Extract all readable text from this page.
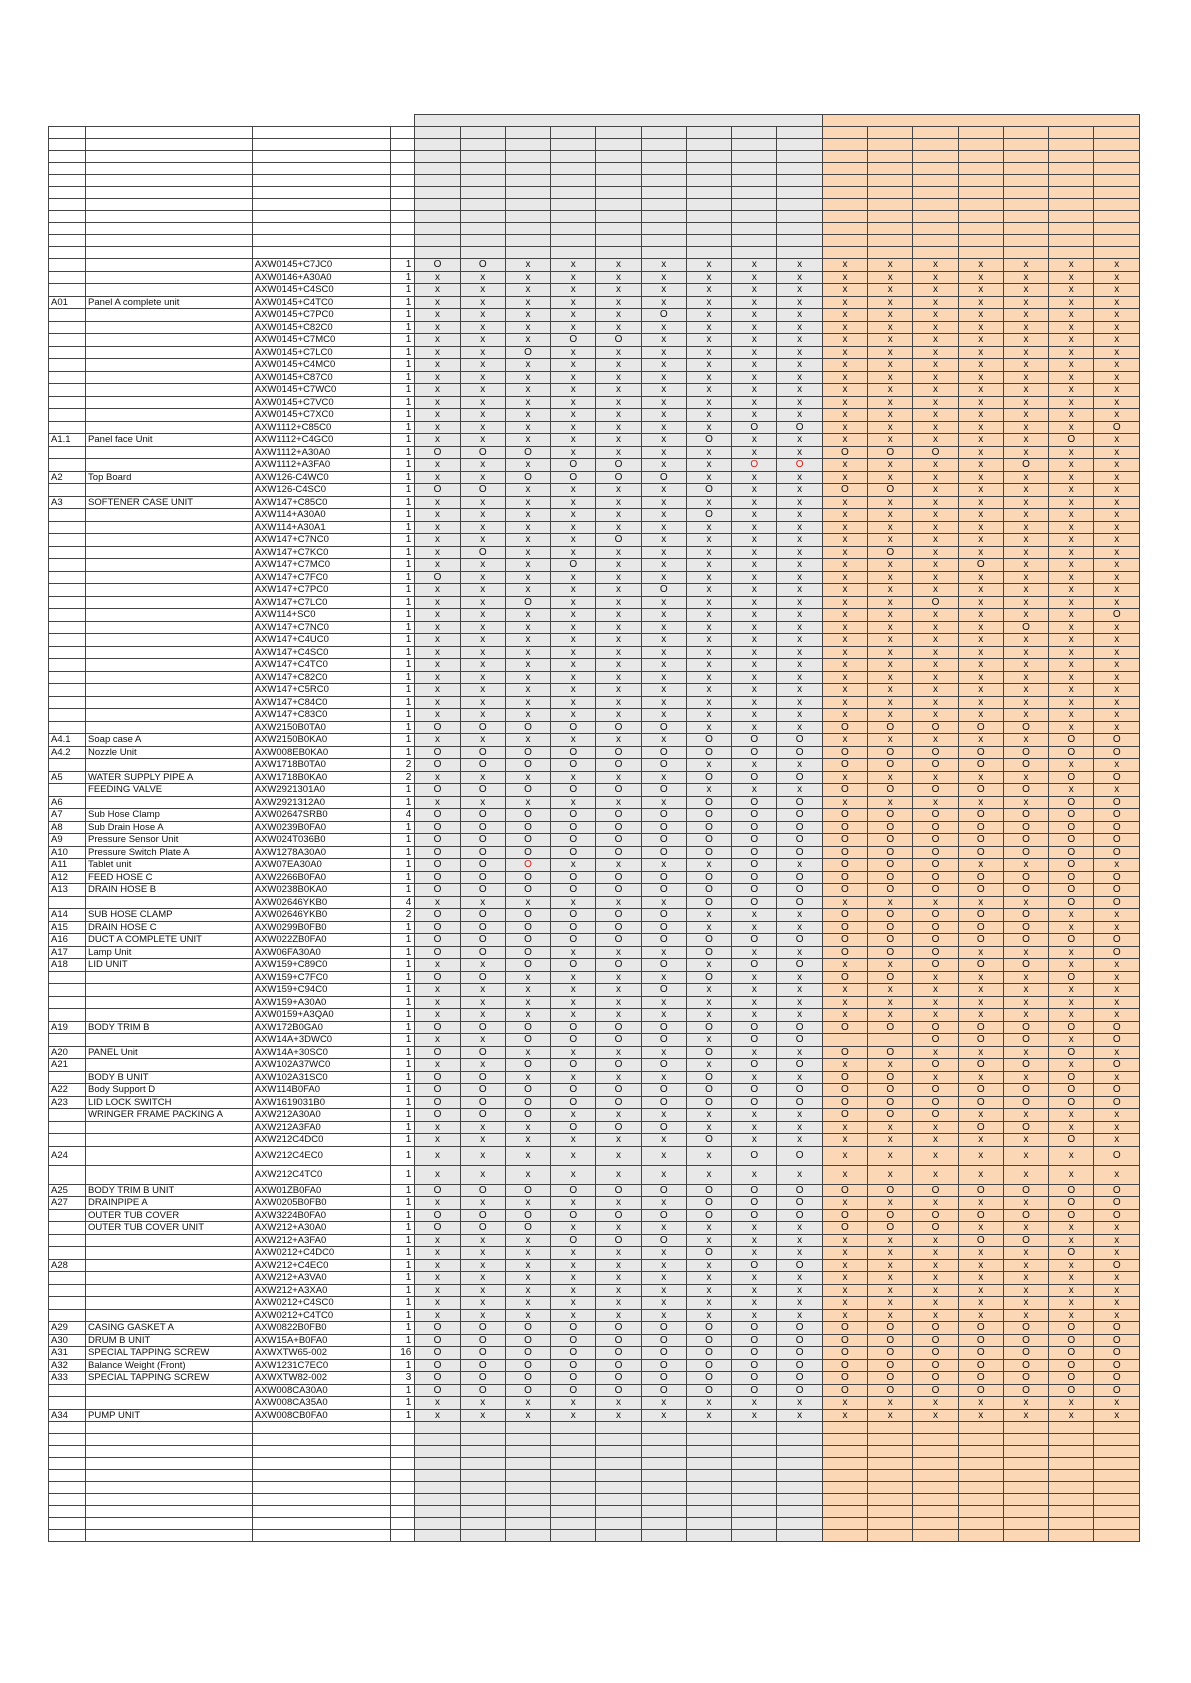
		AXW0145+C7JC0	1	O	O	x	x	x	x	x	x	x	x	x	x	x	x	x	x
		AXW0146+A30A0	1	x	x	x	x	x	x	x	x	x	x	x	x	x	x	x	x
		AXW0145+C4SC0	1	x	x	x	x	x	x	x	x	x	x	x	x	x	x	x	x
A01	Panel A complete unit	AXW0145+C4TC0	1	x	x	x	x	x	x	x	x	x	x	x	x	x	x	x	x
		AXW0145+C7PC0	1	x	x	x	x	x	O	x	x	x	x	x	x	x	x	x	x
		AXW0145+C82C0	1	x	x	x	x	x	x	x	x	x	x	x	x	x	x	x	x
		AXW0145+C7MC0	1	x	x	x	O	O	x	x	x	x	x	x	x	x	x	x	x
		AXW0145+C7LC0	1	x	x	O	x	x	x	x	x	x	x	x	x	x	x	x	x
		AXW0145+C4MC0	1	x	x	x	x	x	x	x	x	x	x	x	x	x	x	x	x
		AXW0145+C87C0	1	x	x	x	x	x	x	x	x	x	x	x	x	x	x	x	x
		AXW0145+C7WC0	1	x	x	x	x	x	x	x	x	x	x	x	x	x	x	x	x
		AXW0145+C7VC0	1	x	x	x	x	x	x	x	x	x	x	x	x	x	x	x	x
		AXW0145+C7XC0	1	x	x	x	x	x	x	x	x	x	x	x	x	x	x	x	x
		AXW1112+C85C0	1	x	x	x	x	x	x	x	O	O	x	x	x	x	x	x	O
A1.1	Panel face Unit	AXW1112+C4GC0	1	x	x	x	x	x	x	O	x	x	x	x	x	x	x	O	x
		AXW1112+A30A0	1	O	O	O	x	x	x	x	x	x	O	O	O	x	x	x	x
		AXW1112+A3FA0	1	x	x	x	O	O	x	x	O	O	x	x	x	x	O	x	x
A2	Top Board	AXW126-C4WC0	1	x	x	O	O	O	O	x	x	x	x	x	x	x	x	x	x
		AXW126-C4SC0	1	O	O	x	x	x	x	O	x	x	O	O	x	x	x	x	x
A3	SOFTENER CASE UNIT	AXW147+C85C0	1	x	x	x	x	x	x	x	x	x	x	x	x	x	x	x	x
		AXW114+A30A0	1	x	x	x	x	x	x	O	x	x	x	x	x	x	x	x	x
		AXW114+A30A1	1	x	x	x	x	x	x	x	x	x	x	x	x	x	x	x	x
		AXW147+C7NC0	1	x	x	x	x	O	x	x	x	x	x	x	x	x	x	x	x
		AXW147+C7KC0	1	x	O	x	x	x	x	x	x	x	x	O	x	x	x	x	x
		AXW147+C7MC0	1	x	x	x	O	x	x	x	x	x	x	x	x	O	x	x	x
		AXW147+C7FC0	1	O	x	x	x	x	x	x	x	x	x	x	x	x	x	x	x
		AXW147+C7PC0	1	x	x	x	x	x	O	x	x	x	x	x	x	x	x	x	x
		AXW147+C7LC0	1	x	x	O	x	x	x	x	x	x	x	x	O	x	x	x	x
		AXW114+SC0	1	x	x	x	x	x	x	x	x	x	x	x	x	x	x	x	O
		AXW147+C7NC0	1	x	x	x	x	x	x	x	x	x	x	x	x	x	O	x	x
		AXW147+C4UC0	1	x	x	x	x	x	x	x	x	x	x	x	x	x	x	x	x
		AXW147+C4SC0	1	x	x	x	x	x	x	x	x	x	x	x	x	x	x	x	x
		AXW147+C4TC0	1	x	x	x	x	x	x	x	x	x	x	x	x	x	x	x	x
		AXW147+C82C0	1	x	x	x	x	x	x	x	x	x	x	x	x	x	x	x	x
		AXW147+C5RC0	1	x	x	x	x	x	x	x	x	x	x	x	x	x	x	x	x
		AXW147+C84C0	1	x	x	x	x	x	x	x	x	x	x	x	x	x	x	x	x
		AXW147+C83C0	1	x	x	x	x	x	x	x	x	x	x	x	x	x	x	x	x
		AXW2150B0TA0	1	O	O	O	O	O	O	x	x	x	O	O	O	O	O	x	x
A4.1	Soap case A	AXW2150B0KA0	1	x	x	x	x	x	x	O	O	O	x	x	x	x	x	O	O
A4.2	Nozzle Unit	AXW008EB0KA0	1	O	O	O	O	O	O	O	O	O	O	O	O	O	O	O	O
		AXW1718B0TA0	2	O	O	O	O	O	O	x	x	x	O	O	O	O	O	x	x
A5	WATER SUPPLY PIPE A	AXW1718B0KA0	2	x	x	x	x	x	x	O	O	O	x	x	x	x	x	O	O
	FEEDING VALVE	AXW2921301A0	1	O	O	O	O	O	O	x	x	x	O	O	O	O	O	x	x
A6		AXW2921312A0	1	x	x	x	x	x	x	O	O	O	x	x	x	x	x	O	O
A7	Sub Hose Clamp	AXW02647SRB0	4	O	O	O	O	O	O	O	O	O	O	O	O	O	O	O	O
A8	Sub Drain Hose A	AXW0239B0FA0	1	O	O	O	O	O	O	O	O	O	O	O	O	O	O	O	O
A9	Pressure Sensor Unit	AXW024T036B0	1	O	O	O	O	O	O	O	O	O	O	O	O	O	O	O	O
A10	Pressure Switch Plate A	AXW1278A30A0	1	O	O	O	O	O	O	O	O	O	O	O	O	O	O	O	O
A11	Tablet unit	AXW07EA30A0	1	O	O	O	x	x	x	x	O	x	O	O	O	x	x	O	x
A12	FEED HOSE C	AXW2266B0FA0	1	O	O	O	O	O	O	O	O	O	O	O	O	O	O	O	O
A13	DRAIN HOSE B	AXW0238B0KA0	1	O	O	O	O	O	O	O	O	O	O	O	O	O	O	O	O
		AXW02646YKB0	4	x	x	x	x	x	x	O	O	O	x	x	x	x	x	O	O
A14	SUB HOSE CLAMP	AXW02646YKB0	2	O	O	O	O	O	O	x	x	x	O	O	O	O	O	x	x
A15	DRAIN HOSE C	AXW0299B0FB0	1	O	O	O	O	O	O	x	x	x	O	O	O	O	O	x	x
A16	DUCT A COMPLETE UNIT	AXW022ZB0FA0	1	O	O	O	O	O	O	O	O	O	O	O	O	O	O	O	O
A17	Lamp Unit	AXW06FA30A0	1	O	O	O	x	x	x	O	x	x	O	O	O	x	x	x	O
A18	LID UNIT	AXW159+C89C0	1	x	x	O	O	O	O	x	O	O	x	x	O	O	O	x	x
		AXW159+C7FC0	1	O	O	x	x	x	x	O	x	x	O	O	x	x	x	O	x
		AXW159+C94C0	1	x	x	x	x	x	O	x	x	x	x	x	x	x	x	x	x
		AXW159+A30A0	1	x	x	x	x	x	x	x	x	x	x	x	x	x	x	x	x
		AXW0159+A3QA0	1	x	x	x	x	x	x	x	x	x	x	x	x	x	x	x	x
A19	BODY TRIM B	AXW172B0GA0	1	O	O	O	O	O	O	O	O	O	O	O	O	O	O	O	O
		AXW14A+3DWC0	1	x	x	O	O	O	O	x	O	O			O	O	O	x	O
A20	PANEL Unit	AXW14A+30SC0	1	O	O	x	x	x	x	O	x	x	O	O	x	x	x	O	x
A21		AXW102A37WC0	1	x	x	O	O	O	O	x	O	O	x	x	O	O	O	x	O
	BODY B UNIT	AXW102A31SC0	1	O	O	x	x	x	x	O	x	x	O	O	x	x	x	O	x
A22	Body Support D	AXW114B0FA0	1	O	O	O	O	O	O	O	O	O	O	O	O	O	O	O	O
A23	LID LOCK SWITCH	AXW1619031B0	1	O	O	O	O	O	O	O	O	O	O	O	O	O	O	O	O
	WRINGER FRAME PACKING A	AXW212A30A0	1	O	O	O	x	x	x	x	x	x	O	O	O	x	x	x	x
		AXW212A3FA0	1	x	x	x	O	O	O	x	x	x	x	x	x	O	O	x	x
		AXW212C4DC0	1	x	x	x	x	x	x	O	x	x	x	x	x	x	x	O	x
A24		AXW212C4EC0	1	x	x	x	x	x	x	x	O	O	x	x	x	x	x	x	O
		AXW212C4TC0	1	x	x	x	x	x	x	x	x	x	x	x	x	x	x	x	x
A25	BODY TRIM B UNIT	AXW01ZB0FA0	1	O	O	O	O	O	O	O	O	O	O	O	O	O	O	O	O
A27	DRAINPIPE A	AXW0205B0FB0	1	x	x	x	x	x	x	O	O	O	x	x	x	x	x	O	O
	OUTER TUB COVER	AXW3224B0FA0	1	O	O	O	O	O	O	O	O	O	O	O	O	O	O	O	O
	OUTER TUB COVER UNIT	AXW212+A30A0	1	O	O	O	x	x	x	x	x	x	O	O	O	x	x	x	x
		AXW212+A3FA0	1	x	x	x	O	O	O	x	x	x	x	x	x	O	O	x	x
		AXW0212+C4DC0	1	x	x	x	x	x	x	O	x	x	x	x	x	x	x	O	x
A28		AXW212+C4EC0	1	x	x	x	x	x	x	x	O	O	x	x	x	x	x	x	O
		AXW212+A3VA0	1	x	x	x	x	x	x	x	x	x	x	x	x	x	x	x	x
		AXW212+A3XA0	1	x	x	x	x	x	x	x	x	x	x	x	x	x	x	x	x
		AXW0212+C4SC0	1	x	x	x	x	x	x	x	x	x	x	x	x	x	x	x	x
		AXW0212+C4TC0	1	x	x	x	x	x	x	x	x	x	x	x	x	x	x	x	x
A29	CASING GASKET A	AXW0822B0FB0	1	O	O	O	O	O	O	O	O	O	O	O	O	O	O	O	O
A30	DRUM B UNIT	AXW15A+B0FA0	1	O	O	O	O	O	O	O	O	O	O	O	O	O	O	O	O
A31	SPECIAL TAPPING SCREW	AXWXTW65-002	16	O	O	O	O	O	O	O	O	O	O	O	O	O	O	O	O
A32	Balance Weight (Front)	AXW1231C7EC0	1	O	O	O	O	O	O	O	O	O	O	O	O	O	O	O	O
A33	SPECIAL TAPPING SCREW	AXWXTW82-002	3	O	O	O	O	O	O	O	O	O	O	O	O	O	O	O	O
		AXW008CA30A0	1	O	O	O	O	O	O	O	O	O	O	O	O	O	O	O	O
		AXW008CA35A0	1	x	x	x	x	x	x	x	x	x	x	x	x	x	x	x	x
A34	PUMP UNIT	AXW008CB0FA0	1	x	x	x	x	x	x	x	x	x	x	x	x	x	x	x	x
